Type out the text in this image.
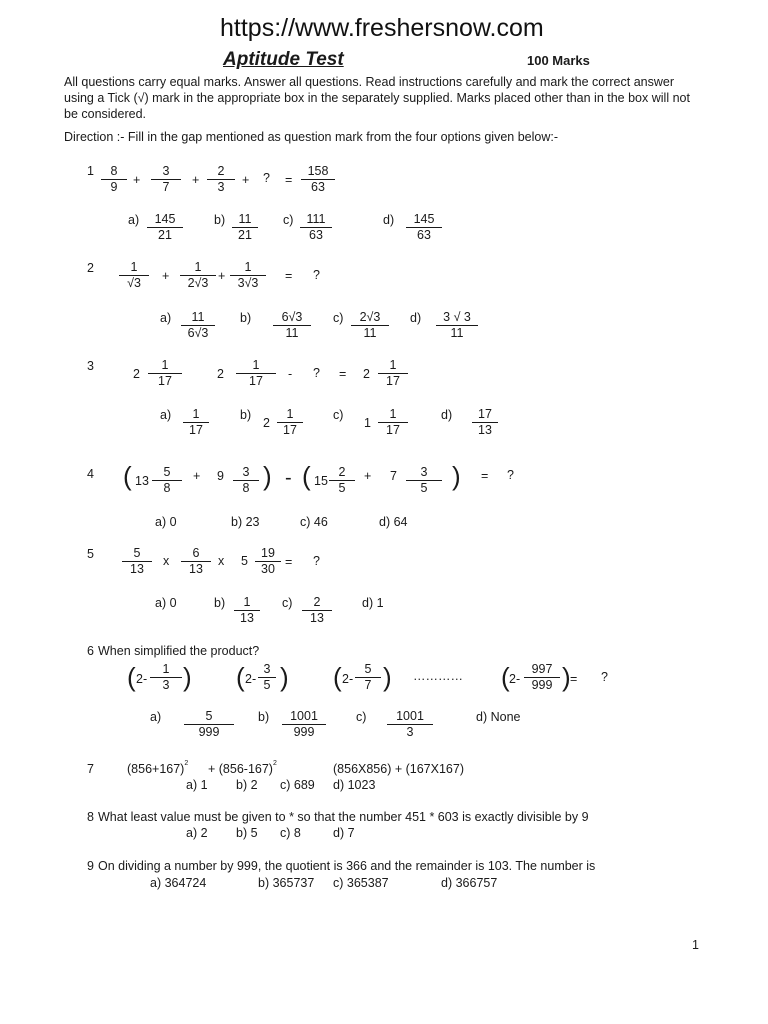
https://www.freshersnow.com
Aptitude Test	100 Marks
All questions carry equal marks. Answer all questions. Read instructions carefully and mark the correct answer using a Tick (√) mark in the appropriate box in the separately supplied. Marks placed other than in the box will not be considered.
Direction :- Fill in the gap mentioned as question mark from the four options given below:-
$1 \frac{8}{9} + \frac{3}{7} + \frac{2}{3}$ + ? = $\frac{158}{63}$
$a) \frac{145}{21} b) \frac{11}{21} c) \frac{111}{63}$	$d) \frac{145}{63}$
$2 \frac{1}{√3} + \frac{1}{2√3} + \frac{1}{3√3}$ = ?
$a) \frac{11}{6√3} b) \frac{6√3}{11} c) \frac{2√3}{11} d) \frac{3 √ 3}{11}$
3
$2 \frac{1}{17}$	$2 \frac{1}{17}$ - ? = $2 \frac{1}{17}$
$a) \frac{1}{17} b$)
$2 \frac{1}{17} c$)
$1 \frac{1}{17}$	$d) \frac{17}{13}$
4 ( $13 \frac{5}{8} + 9 \frac{3}{8}$ ) - ( $15 \frac{2}{5} + 7 \frac{3}{5}$ ) = ?
a) 0	b) 23	c) 46	d) 64
$5 \frac{5}{13}$ x $\frac{6}{13}$ x $5 \frac{19}{30}$ = ?
a) 0	$b) \frac{1}{13} c) \frac{2}{13} d$) 1
6 When simplified the product?
( $2- \frac{1}{3}$ ) ( $2- \frac{3}{5}$ ) ( $2- \frac{5}{7}$ ) ………… ( $2- \frac{997}{999}$ ) = ?
$a) \frac{5}{999} b) \frac{1001}{999} c) \frac{1001}{3}$	d) None
7	$(856+167)^2 + (856-167)^2$	(856X856) + (167X167)
a) 1 b) 2 c) 689 d) 1023
8 What least value must be given to * so that the number 451 * 603 is exactly divisible by 9
a) 2 b) 5 c) 8	d) 7
9 On dividing a number by 999, the quotient is 366 and the remainder is 103. The number is
a) 364724	b) 365737 c) 365387	d) 366757
1
